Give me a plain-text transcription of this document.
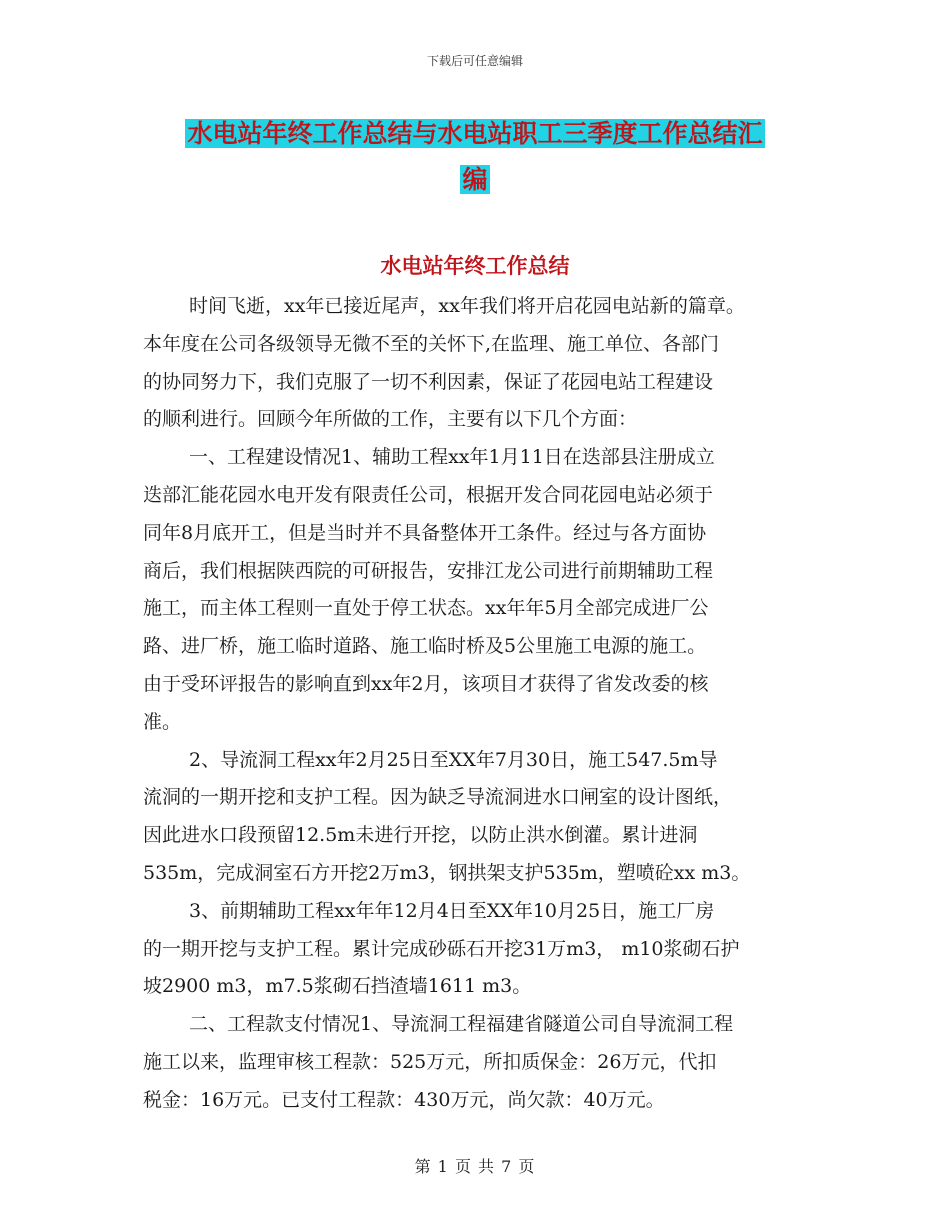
下载后可任意编辑
水电站年终工作总结与水电站职工三季度工作总结汇
编
水电站年终工作总结

时间飞逝，xx年已接近尾声，xx年我们将开启花园电站新的篇章。

本年度在公司各级领导无微不至的关怀下,在监理、施工单位、各部门

的协同努力下，我们克服了一切不利因素，保证了花园电站工程建设

的顺利进行。回顾今年所做的工作，主要有以下几个方面：

一、工程建设情况1、辅助工程xx年1月11日在迭部县注册成立

迭部汇能花园水电开发有限责任公司，根据开发合同花园电站必须于

同年8月底开工，但是当时并不具备整体开工条件。经过与各方面协

商后，我们根据陕西院的可研报告，安排江龙公司进行前期辅助工程

施工，而主体工程则一直处于停工状态。xx年年5月全部完成进厂公

路、进厂桥，施工临时道路、施工临时桥及5公里施工电源的施工。

由于受环评报告的影响直到xx年2月，该项目才获得了省发改委的核

准。

2、导流洞工程xx年2月25日至XX年7月30日，施工547.5m导

流洞的一期开挖和支护工程。因为缺乏导流洞进水口闸室的设计图纸，

因此进水口段预留12.5m未进行开挖，以防止洪水倒灌。累计进洞

535m，完成洞室石方开挖2万m3，钢拱架支护535m，塑喷砼xx m3。

3、前期辅助工程xx年年12月4日至XX年10月25日，施工厂房

的一期开挖与支护工程。累计完成砂砾石开挖31万m3， m10浆砌石护

坡2900 m3，m7.5浆砌石挡渣墙1611 m3。

二、工程款支付情况1、导流洞工程福建省隧道公司自导流洞工程

施工以来，监理审核工程款：525万元，所扣质保金：26万元，代扣

税金：16万元。已支付工程款：430万元，尚欠款：40万元。

第 1 页 共 7 页
